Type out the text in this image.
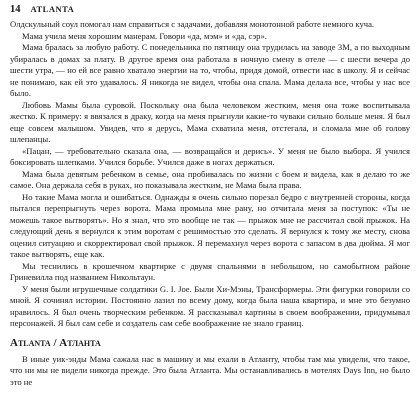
14 ATLANTA

Олдскульный соул помогал нам справиться с задачами, добавляя монотонной работе немного куча.

Мама учила меня хорошим манерам. Говори «да, мэм» и «да, сэр».

Мама бралась за любую работу. С понедельника по пятницу она трудилась на заводе 3М, а по выходным убиралась в домах за плату. В другое время она работала в ночную смену в отеле — с шести вечера до шести утра, — но ей все равно хватало энергии на то, чтобы, придя домой, отвести нас в школу. Я и сейчас не понимаю, как ей это удавалось. Я никогда не видел, чтобы она спала. Мама делала все, чтобы у нас все было.

Любовь Мамы была суровой. Поскольку она была человеком жестким, меня она тоже воспитывала жестко. К примеру: я ввязался в драку, когда на меня прыгнули какие-то чуваки сильно больше меня. Я был еще совсем малышом. Увидев, что я дерусь, Мама схватила меня, отстегала, и сломала мне об голову шлепанцы.

«Пацан, — требовательно сказала она, — возвращайся и дерись». У меня не было выбора. Я учился боксировать шлепками. Учился борьбе. Учился даже в ногах держаться.

Мама была девятым ребенком в семье, она пробивалась по жизни с боем и видела, как я делаю то же самое. Она держала себя в руках, но показывала жестким, не Мама была права.

Но такие Мама могла и ошибаться. Однажды я очень сильно порезал бедро с внутренней стороны, когда пытался перепрыгнуть через ворота. Мама промыла мне рану, но отчитала меня за поступок: «Ты не можешь такое вытворять». Но я знал, что это вообще не так — прыжок мне не рассчитал свой прыжок. На следующий день я вернулся к этим воротам с решимостью это сделать. Я вернулся к тому же месту, снова оценил ситуацию и скорректировал свой прыжок. Я перемахнул через ворота с запасом в два дюйма. Я мог такое вытворять, еще как.

Мы теснились в крошечном квартирке с двумя спальнями в небольшом, но самобытном районе Гриневилла под названием Никольтаун.

У меня были игрушечные солдатики G. I. Joe. Были Хи-Мэны, Трансформеры. Эти фигурки говорили со мной. Я сочинял истории. Постоянно лазил по всему дому, когда была наша квартира, и мне это безумно нравилось. Я был очень творческим ребенком. Я рассказывал картины в своем воображении, придумывал персонажей. Я был сам себе и создатель сам себе воображение не знало границ.

Atlanta / Атланта

В иные уик-энды Мама сажала нас в машину и мы ехали в Атланту, чтобы там мы увидели, что такое, что ни мы не видели никогда прежде. Это была Атланта. Мы останавливались в мотелях Days Inn, но было это не
